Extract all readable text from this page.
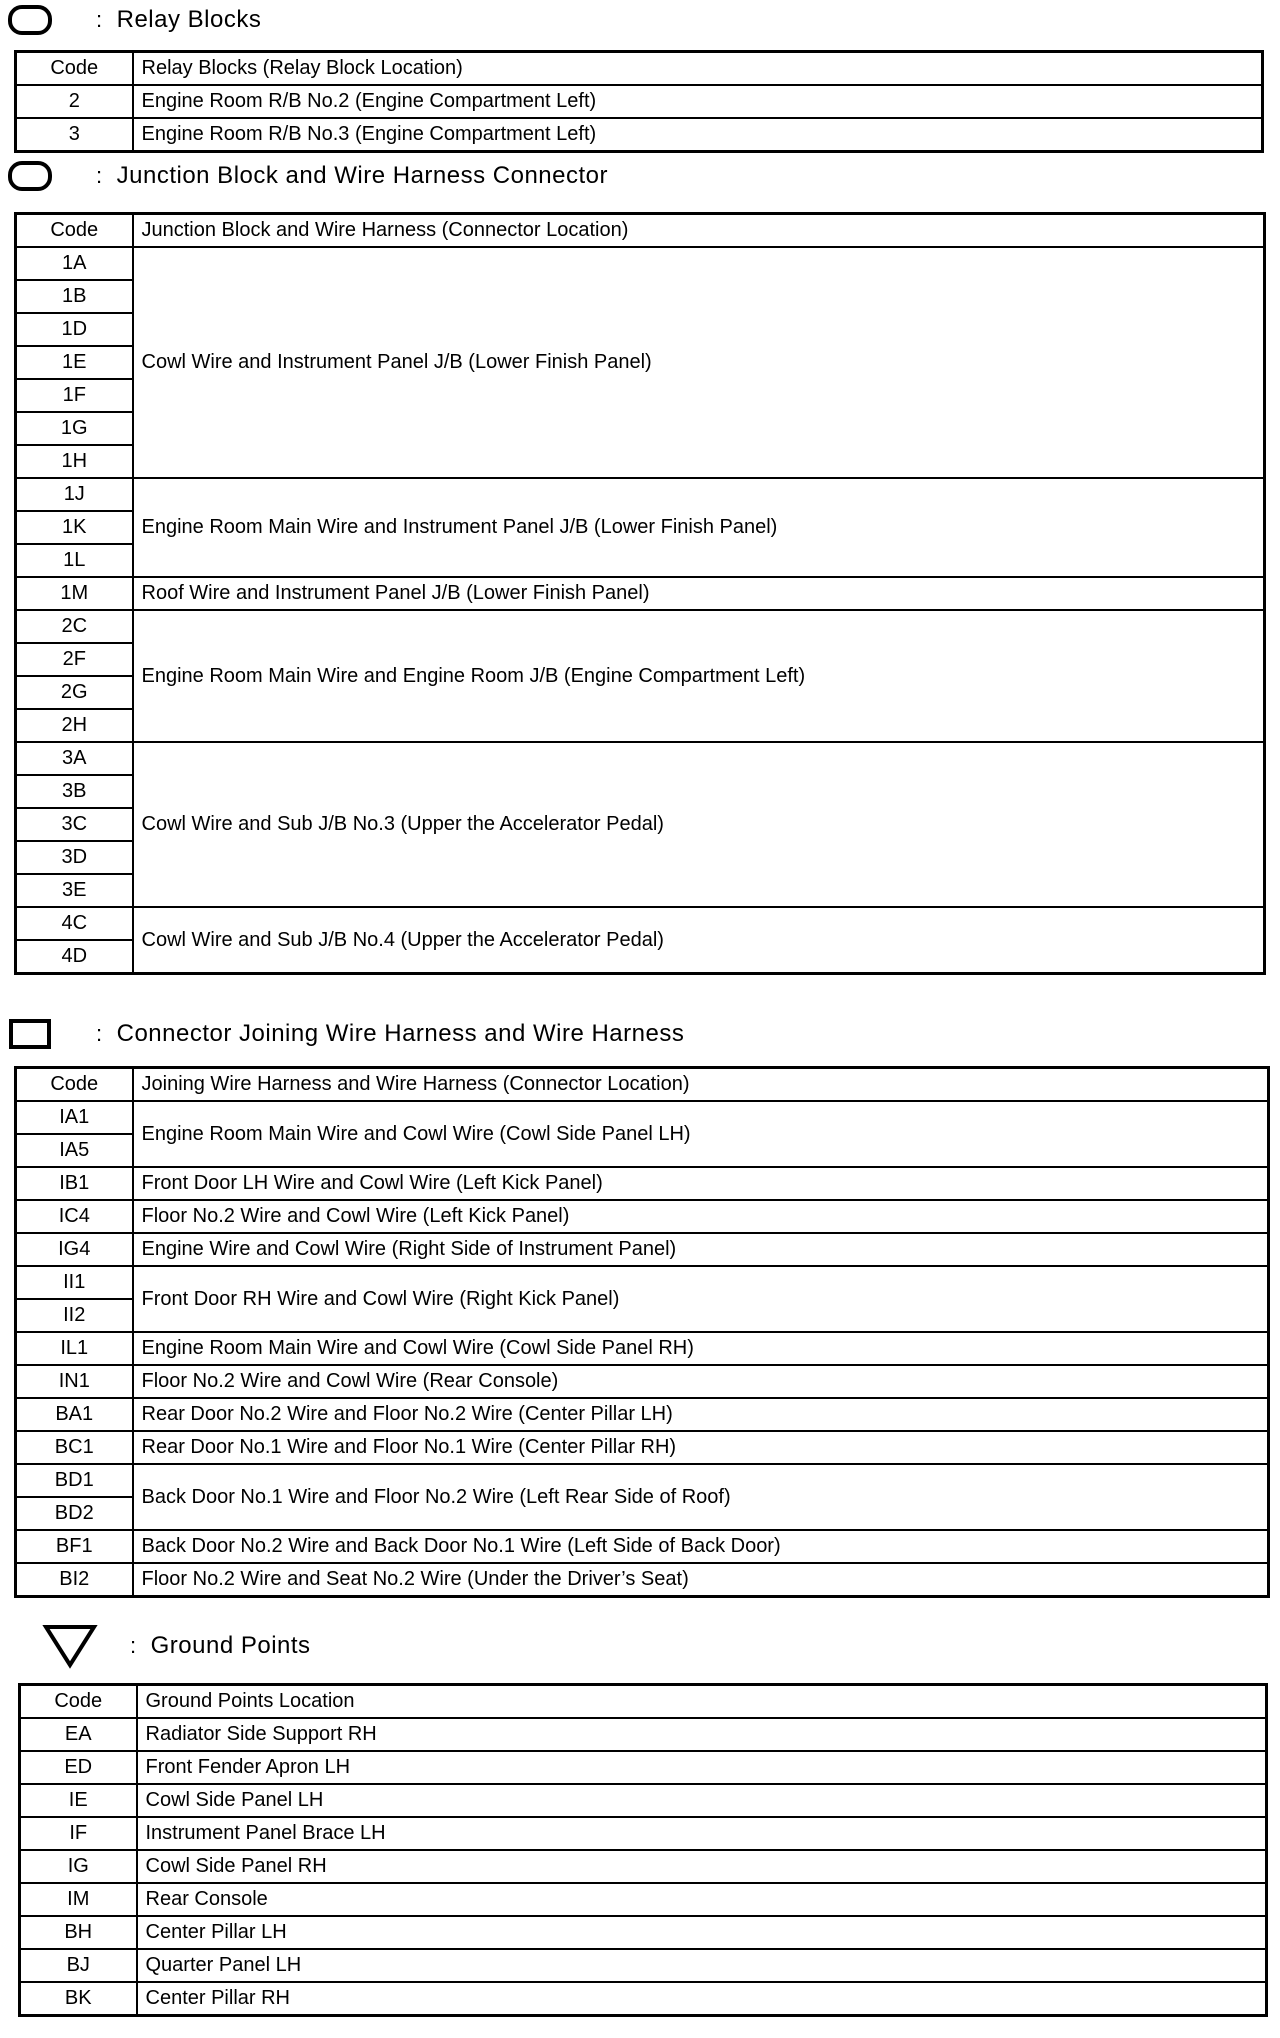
: Relay Blocks
Code	Relay Blocks (Relay Block Location)
2	Engine Room R/B No.2 (Engine Compartment Left)
3	Engine Room R/B No.3 (Engine Compartment Left)
: Junction Block and Wire Harness Connector
Code	Junction Block and Wire Harness (Connector Location)
1A	Cowl Wire and Instrument Panel J/B (Lower Finish Panel)
1B	
1D	
1E	
1F	
1G	
1H	
1J	Engine Room Main Wire and Instrument Panel J/B (Lower Finish Panel)
1K	
1L	
1M	Roof Wire and Instrument Panel J/B (Lower Finish Panel)
2C	Engine Room Main Wire and Engine Room J/B (Engine Compartment Left)
2F	
2G	
2H	
3A	Cowl Wire and Sub J/B No.3 (Upper the Accelerator Pedal)
3B	
3C	
3D	
3E	
4C	Cowl Wire and Sub J/B No.4 (Upper the Accelerator Pedal)
4D	
: Connector Joining Wire Harness and Wire Harness
Code	Joining Wire Harness and Wire Harness (Connector Location)
IA1	Engine Room Main Wire and Cowl Wire (Cowl Side Panel LH)
IA5	
IB1	Front Door LH Wire and Cowl Wire (Left Kick Panel)
IC4	Floor No.2 Wire and Cowl Wire (Left Kick Panel)
IG4	Engine Wire and Cowl Wire (Right Side of Instrument Panel)
II1	Front Door RH Wire and Cowl Wire (Right Kick Panel)
II2	
IL1	Engine Room Main Wire and Cowl Wire (Cowl Side Panel RH)
IN1	Floor No.2 Wire and Cowl Wire (Rear Console)
BA1	Rear Door No.2 Wire and Floor No.2 Wire (Center Pillar LH)
BC1	Rear Door No.1 Wire and Floor No.1 Wire (Center Pillar RH)
BD1	Back Door No.1 Wire and Floor No.2 Wire (Left Rear Side of Roof)
BD2	
BF1	Back Door No.2 Wire and Back Door No.1 Wire (Left Side of Back Door)
BI2	Floor No.2 Wire and Seat No.2 Wire (Under the Driver’s Seat)
: Ground Points
Code	Ground Points Location
EA	Radiator Side Support RH
ED	Front Fender Apron LH
IE	Cowl Side Panel LH
IF	Instrument Panel Brace LH
IG	Cowl Side Panel RH
IM	Rear Console
BH	Center Pillar LH
BJ	Quarter Panel LH
BK	Center Pillar RH
